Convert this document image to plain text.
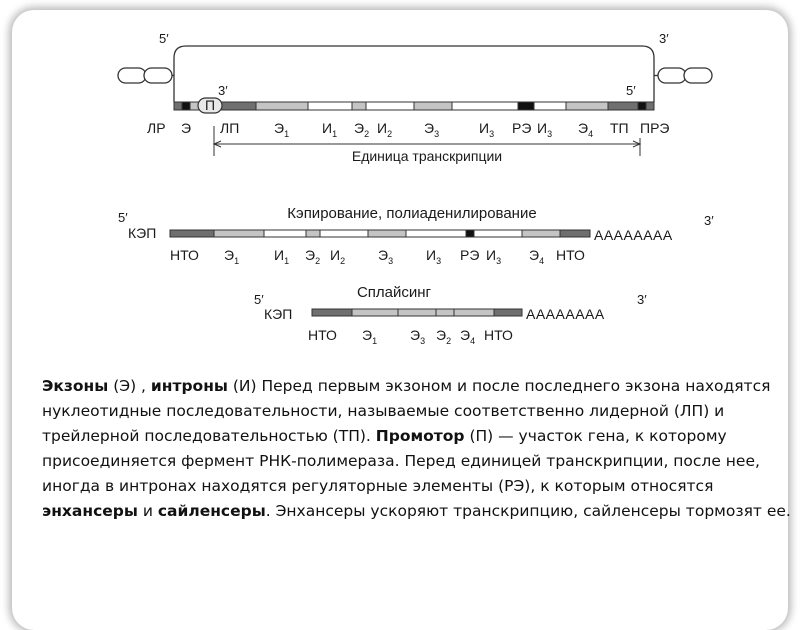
5′	3′
3′	5′
П
ЛР Э ЛП $Э_1$ $И_1$ $Э_2$ $И_2$ $Э_3$	$И_3$ РЭ $И_3$ $Э_4$ ТП ПРЭ
Единица транскрипции
Кэпирование, полиаденилирование
5′
КЭП
3′
АААААААА
НТО $Э_1$ $И_1$ $Э_2$ $И_2$ $Э_3$ $И_3$ РЭ $И_3$ $Э_4$ НТО
Сплайсинг
5′
КЭП
3′
АААААААА
НТО $Э_1$ $Э_3$ $Э_2$ $Э_4$ НТО

Экзоны (Э) , интроны (И) Перед первым экзоном и после последнего экзона находятся нуклеотидные последовательности, называемые соответственно лидерной (ЛП) и трейлерной последовательностью (ТП). Промотор (П) — участок гена, к которому присоединяется фермент РНК-полимераза. Перед единицей транскрипции, после нее, иногда в интронах находятся регуляторные элементы (РЭ), к которым относятся энхансеры и сайленсеры. Энхансеры ускоряют транскрипцию, сайленсеры тормозят ее.
